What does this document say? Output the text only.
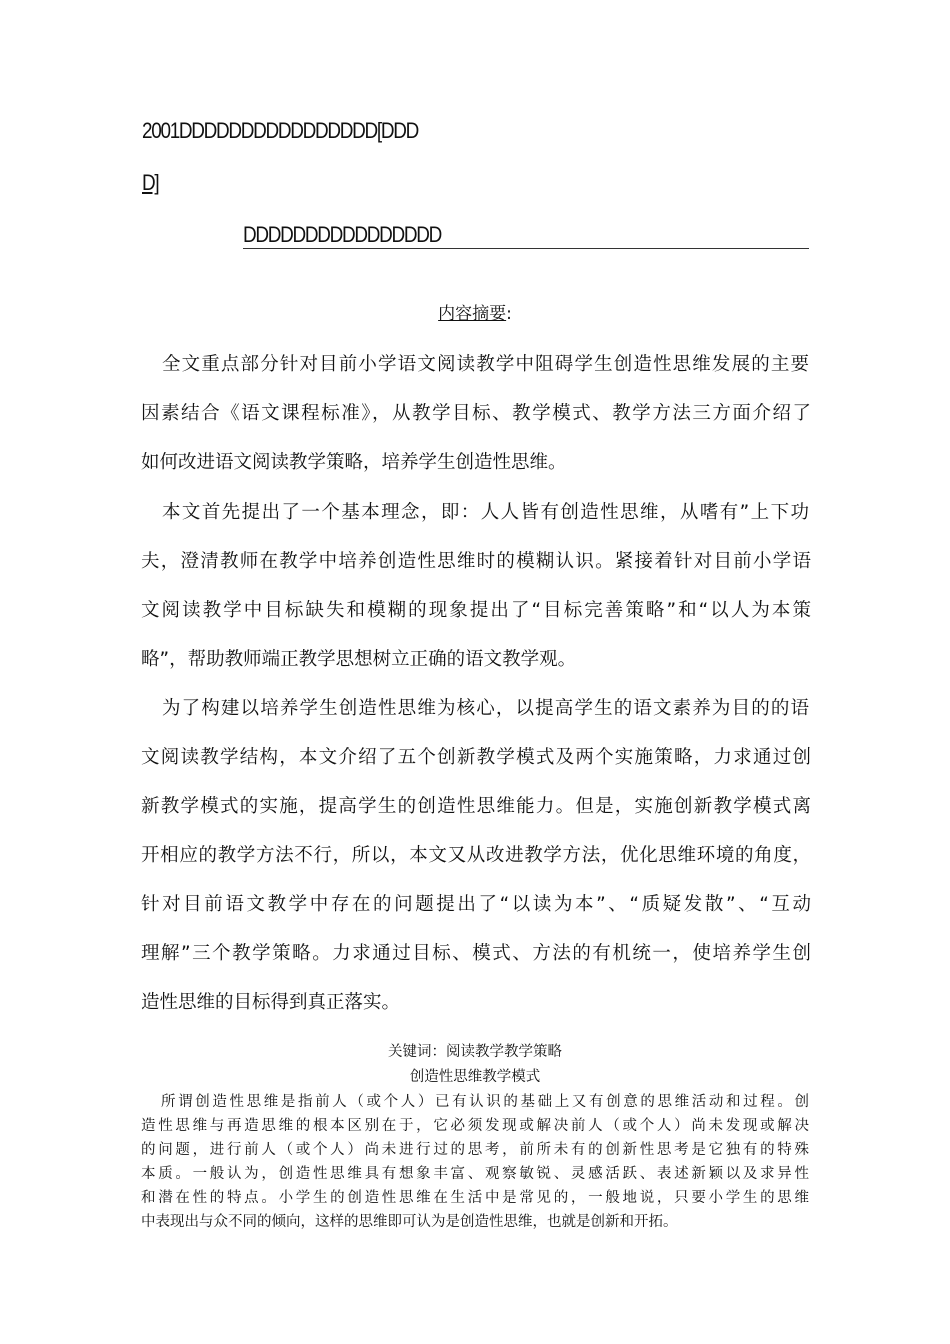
2001DDDDDDDDDDDDDDDD[DDD
D]
DDDDDDDDDDDDDDDD
内容摘要:
全文重点部分针对目前小学语文阅读教学中阻碍学生创造性思维发展的主要
因素结合《语文课程标准》，从教学目标、教学模式、教学方法三方面介绍了
如何改进语文阅读教学策略，培养学生创造性思维。
本文首先提出了一个基本理念，即：人人皆有创造性思维，从嗜有”上下功
夫，澄清教师在教学中培养创造性思维时的模糊认识。紧接着针对目前小学语
文阅读教学中目标缺失和模糊的现象提出了“目标完善策略”和“以人为本策
略”，帮助教师端正教学思想树立正确的语文教学观。
为了构建以培养学生创造性思维为核心，以提高学生的语文素养为目的的语
文阅读教学结构，本文介绍了五个创新教学模式及两个实施策略，力求通过创
新教学模式的实施，提高学生的创造性思维能力。但是，实施创新教学模式离
开相应的教学方法不行，所以，本文又从改进教学方法，优化思维环境的角度，
针对目前语文教学中存在的问题提出了“以读为本”、“质疑发散”、“互动
理解”三个教学策略。力求通过目标、模式、方法的有机统一，使培养学生创
造性思维的目标得到真正落实。
关键词：阅读教学教学策略
创造性思维教学模式
所谓创造性思维是指前人（或个人）已有认识的基础上又有创意的思维活动和过程。创
造性思维与再造思维的根本区别在于，它必须发现或解决前人（或个人）尚未发现或解决
的问题，进行前人（或个人）尚未进行过的思考，前所未有的创新性思考是它独有的特殊
本质。一般认为，创造性思维具有想象丰富、观察敏锐、灵感活跃、表述新颖以及求异性
和潜在性的特点。小学生的创造性思维在生活中是常见的，一般地说，只要小学生的思维
中表现出与众不同的倾向，这样的思维即可认为是创造性思维，也就是创新和开拓。
